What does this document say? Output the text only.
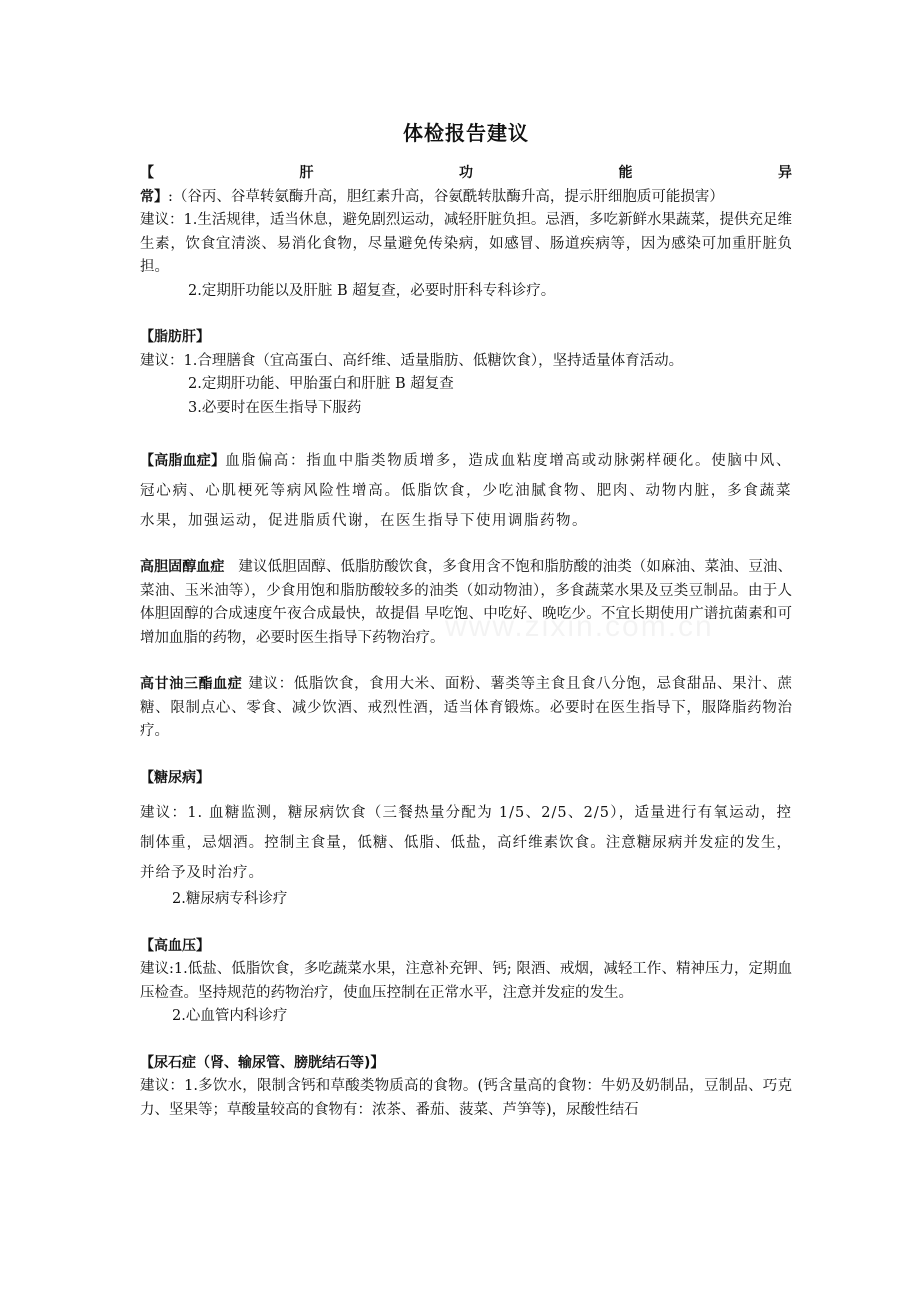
体检报告建议

【肝功能异常】:（谷丙、谷草转氨酶升高，胆红素升高，谷氨酰转肽酶升高，提示肝细胞质可能损害）

建议：1.生活规律，适当休息，避免剧烈运动，减轻肝脏负担。忌酒，多吃新鲜水果蔬菜，提供充足维生素，饮食宜清淡、易消化食物，尽量避免传染病，如感冒、肠道疾病等，因为感染可加重肝脏负担。

2.定期肝功能以及肝脏 B 超复查，必要时肝科专科诊疗。

【脂肪肝】

建议：1.合理膳食（宜高蛋白、高纤维、适量脂肪、低糖饮食），坚持适量体育活动。

2.定期肝功能、甲胎蛋白和肝脏 B 超复查

3.必要时在医生指导下服药

【高脂血症】血脂偏高：指血中脂类物质增多，造成血粘度增高或动脉粥样硬化。使脑中风、冠心病、心肌梗死等病风险性增高。低脂饮食，少吃油腻食物、肥肉、动物内脏，多食蔬菜水果，加强运动，促进脂质代谢，在医生指导下使用调脂药物。

高胆固醇血症 建议低胆固醇、低脂肪酸饮食，多食用含不饱和脂肪酸的油类（如麻油、菜油、豆油、菜油、玉米油等），少食用饱和脂肪酸较多的油类（如动物油），多食蔬菜水果及豆类豆制品。由于人体胆固醇的合成速度午夜合成最快，故提倡 早吃饱、中吃好、晚吃少。不宜长期使用广谱抗菌素和可增加血脂的药物，必要时医生指导下药物治疗。

高甘油三酯血症 建议：低脂饮食，食用大米、面粉、薯类等主食且食八分饱，忌食甜品、果汁、蔗糖、限制点心、零食、减少饮酒、戒烈性酒，适当体育锻炼。必要时在医生指导下，服降脂药物治疗。

【糖尿病】

建议：1. 血糖监测，糖尿病饮食（三餐热量分配为 1/5、2/5、2/5），适量进行有氧运动，控制体重，忌烟酒。控制主食量，低糖、低脂、低盐，高纤维素饮食。注意糖尿病并发症的发生，并给予及时治疗。

2.糖尿病专科诊疗

【高血压】

建议:1.低盐、低脂饮食，多吃蔬菜水果，注意补充钾、钙; 限酒、戒烟，减轻工作、精神压力，定期血压检查。坚持规范的药物治疗，使血压控制在正常水平，注意并发症的发生。

2.心血管内科诊疗

【尿石症（肾、输尿管、膀胱结石等)】

建议：1.多饮水，限制含钙和草酸类物质高的食物。(钙含量高的食物：牛奶及奶制品，豆制品、巧克力、坚果等；草酸量较高的食物有：浓茶、番茄、菠菜、芦笋等)，尿酸性结石
